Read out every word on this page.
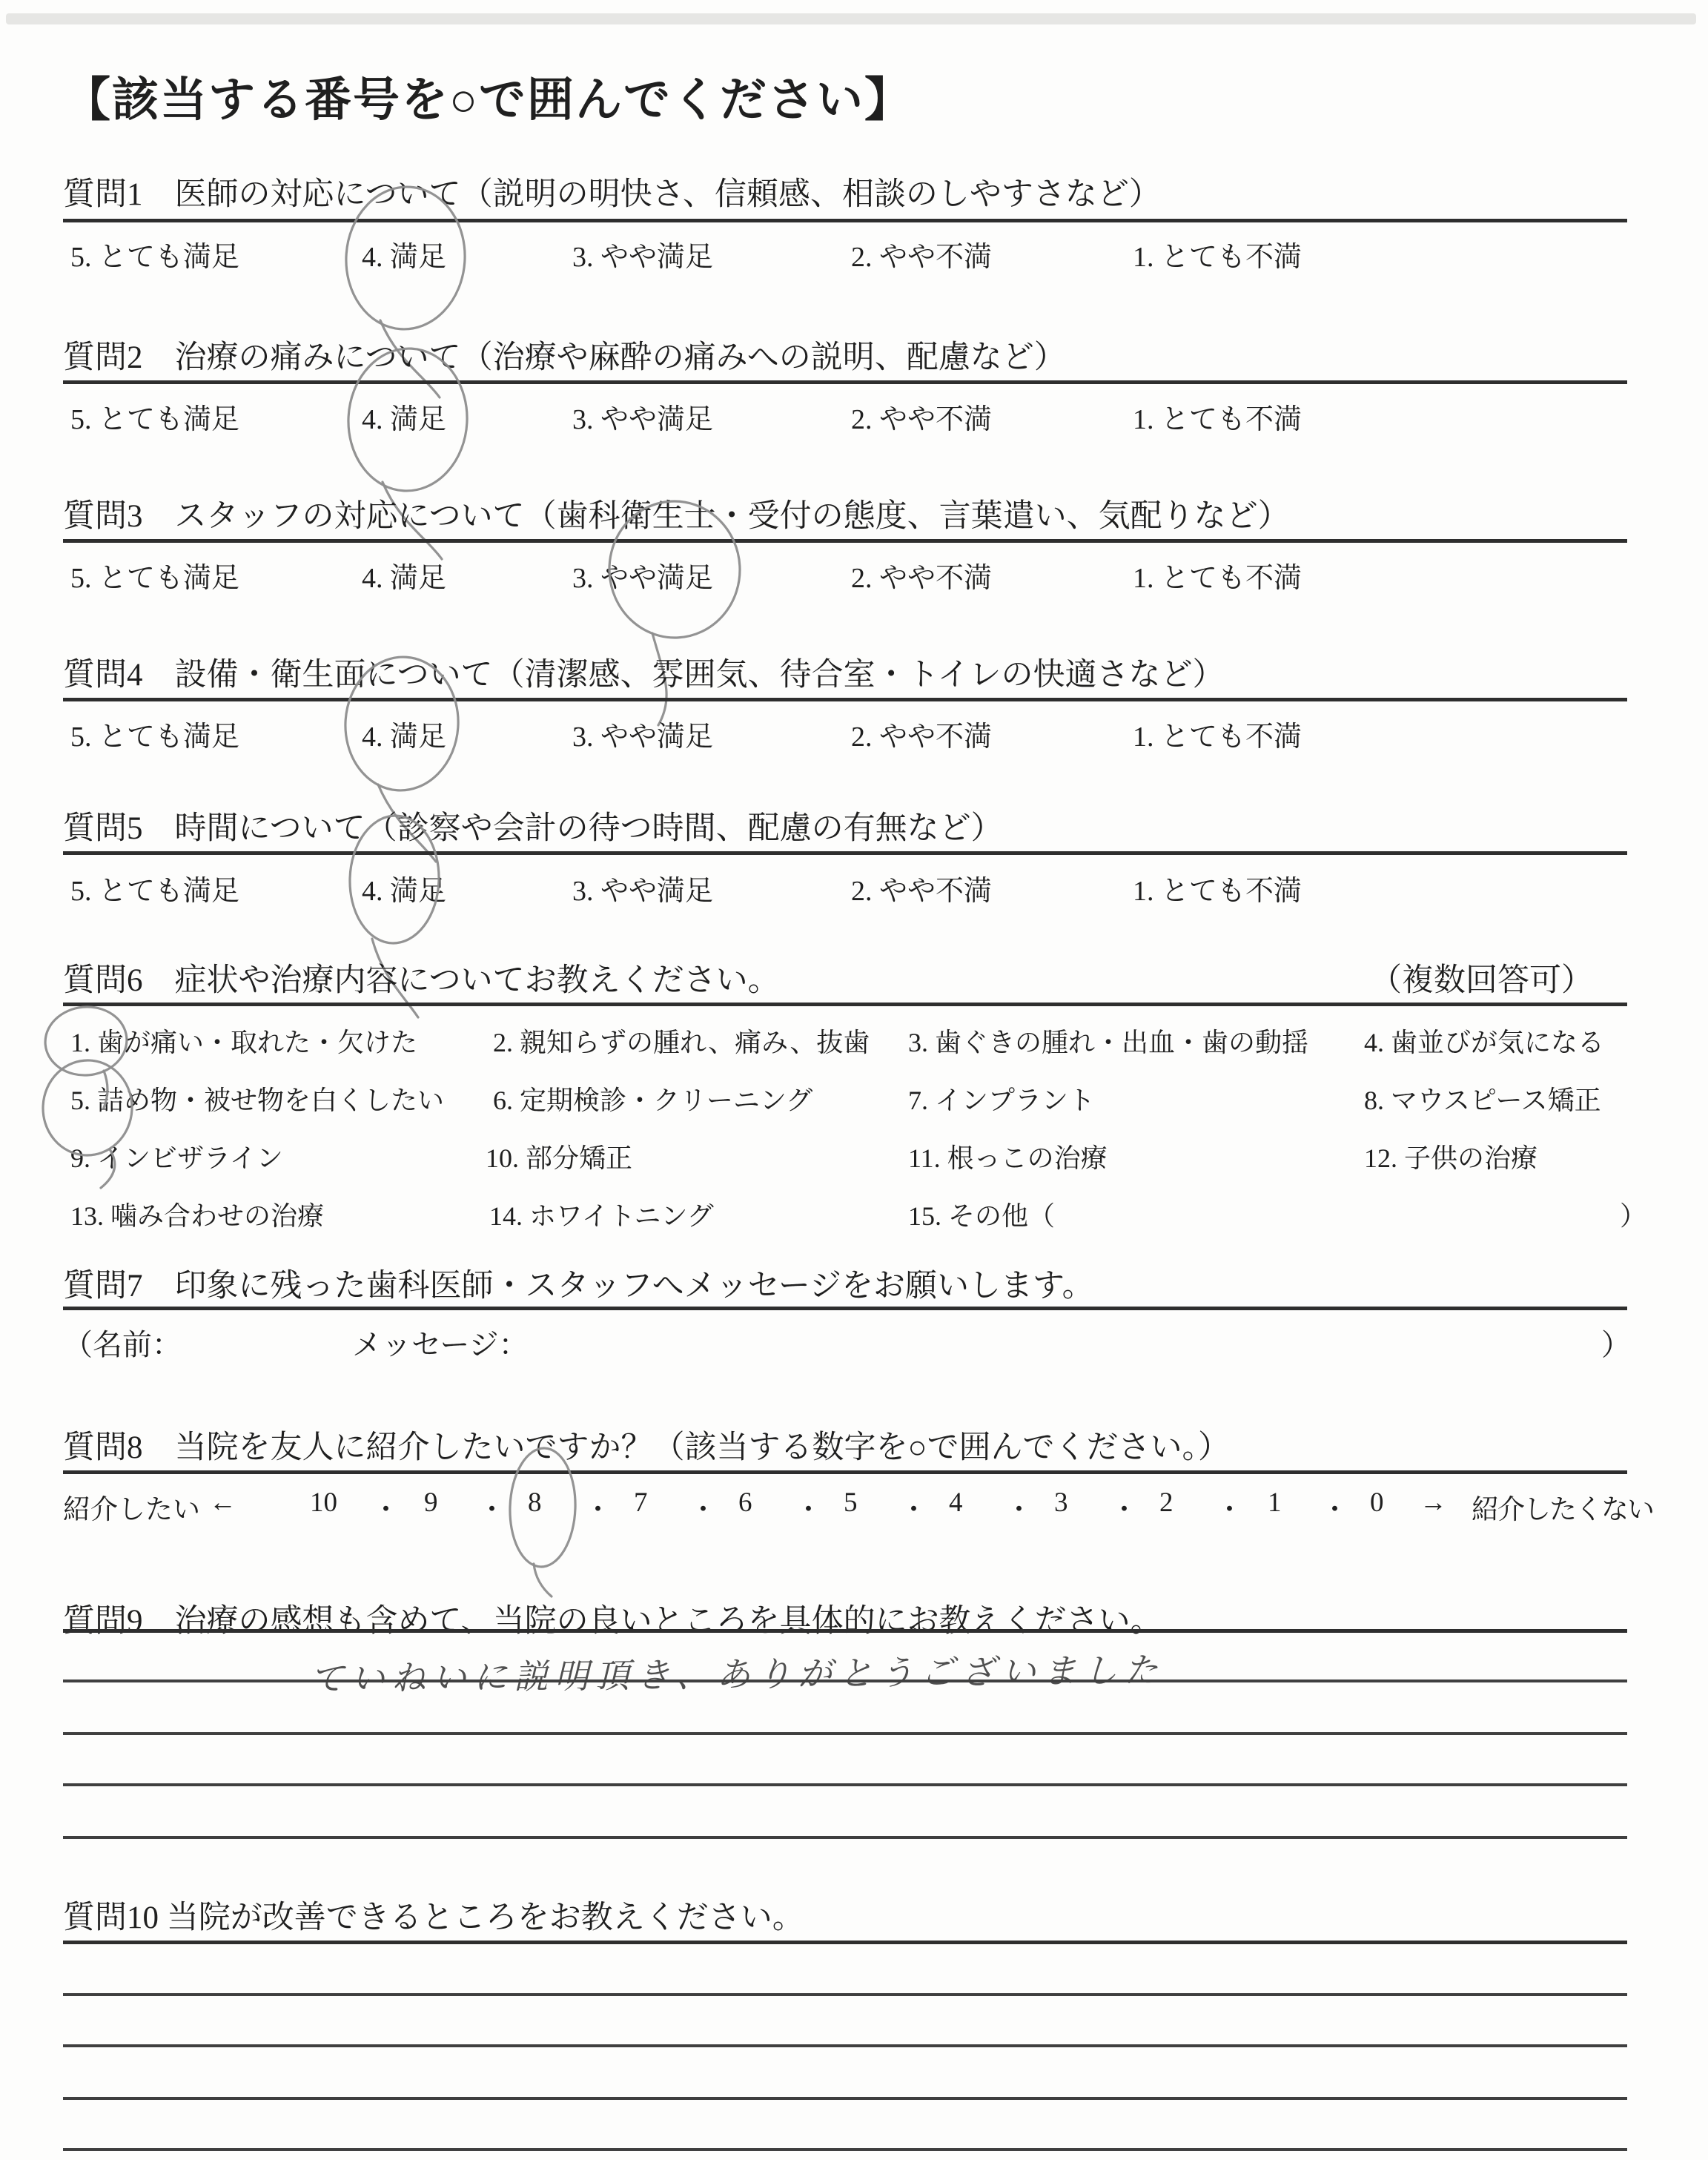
【該当する番号を○で囲んでください】
質問1　医師の対応について（説明の明快さ、信頼感、相談のしやすさなど）
5. とても満足	4. 満足	3. やや満足	2. やや不満	1. とても不満
質問2　治療の痛みについて（治療や麻酔の痛みへの説明、配慮など）
5. とても満足	4. 満足	3. やや満足	2. やや不満	1. とても不満
質問3　スタッフの対応について（歯科衛生士・受付の態度、言葉遣い、気配りなど）
5. とても満足	4. 満足	3. やや満足	2. やや不満	1. とても不満
質問4　設備・衛生面について（清潔感、雰囲気、待合室・トイレの快適さなど）
5. とても満足	4. 満足	3. やや満足	2. やや不満	1. とても不満
質問5　時間について（診察や会計の待つ時間、配慮の有無など）
5. とても満足	4. 満足	3. やや満足	2. やや不満	1. とても不満
質問6　症状や治療内容についてお教えください。	（複数回答可）
1. 歯が痛い・取れた・欠けた	2. 親知らずの腫れ、痛み、抜歯 3. 歯ぐきの腫れ・出血・歯の動揺 4. 歯並びが気になる
5. 詰め物・被せ物を白くしたい 6. 定期検診・クリーニング	7. インプラント	8. マウスピース矯正
9. インビザライン	10. 部分矯正	11. 根っこの治療	12. 子供の治療
13. 噛み合わせの治療	14. ホワイトニング	15. その他（	）
質問7　印象に残った歯科医師・スタッフへメッセージをお願いします。
（名前：	メッセージ：	）
質問8　当院を友人に紹介したいですか？（該当する数字を○で囲んでください。）
紹介したい ←	10 ・ 9 ・ 8 ・ 7 ・ 6 ・ 5 ・ 4 ・ 3 ・ 2 ・ 1 ・ 0 → 紹介したくない
質問9　治療の感想も含めて、当院の良いところを具体的にお教えください。
ていねいに説明頂き、ありがとうございました
質問10 当院が改善できるところをお教えください。
